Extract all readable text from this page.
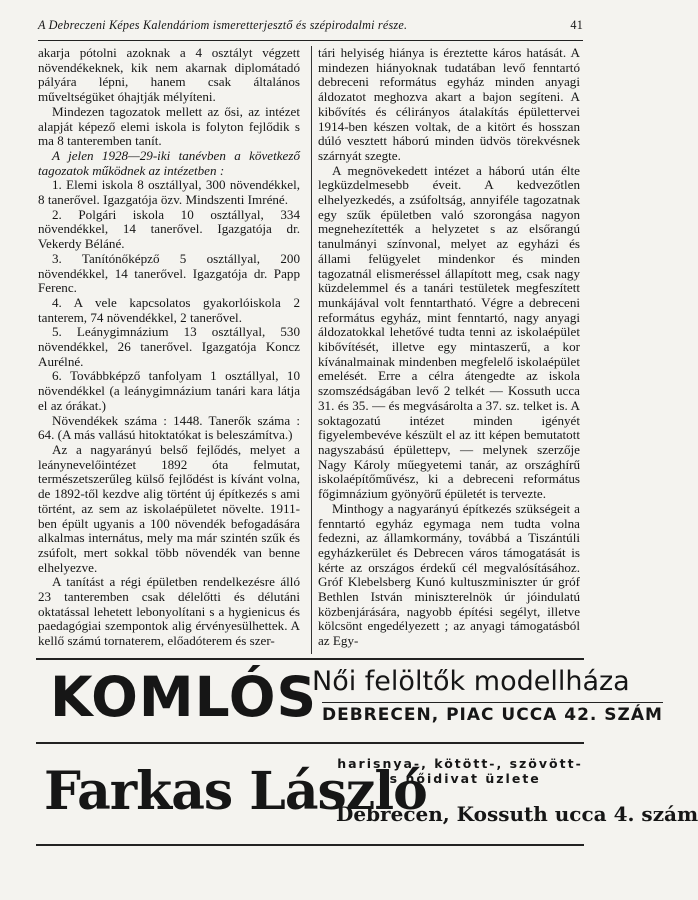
A Debreczeni Képes Kalendáriom ismeretterjesztő és szépirodalmi része.	41

akarja pótolni azoknak a 4 osztályt végzett növendékeknek, kik nem akarnak diplomátadó pályára lépni, hanem csak általános műveltségüket óhajtják mélyíteni.

Mindezen tagozatok mellett az ősi, az intézet alapját képező elemi iskola is folyton fejlődik s ma 8 tanteremben tanít.

A jelen 1928—29-iki tanévben a következő tagozatok működnek az intézetben :

1. Elemi iskola 8 osztállyal, 300 növendékkel, 8 tanerővel. Igazgatója özv. Mindszenti Imréné.

2. Polgári iskola 10 osztállyal, 334 növendékkel, 14 tanerővel. Igazgatója dr. Vekerdy Béláné.

3. Tanítónőképző 5 osztállyal, 200 növendékkel, 14 tanerővel. Igazgatója dr. Papp Ferenc.

4. A vele kapcsolatos gyakorlóiskola 2 tanterem, 74 növendékkel, 2 tanerővel.

5. Leánygimnázium 13 osztállyal, 530 növendékkel, 26 tanerővel. Igazgatója Koncz Aurélné.

6. Továbbképző tanfolyam 1 osztállyal, 10 növendékkel (a leánygimnázium tanári kara látja el az órákat.)

Növendékek száma : 1448. Tanerők száma : 64. (A más vallású hitoktatókat is beleszámítva.)

Az a nagyarányú belső fejlődés, melyet a leánynevelőintézet 1892 óta felmutat, természetszerűleg külső fejlődést is kívánt volna, de 1892-től kezdve alig történt új építkezés s ami történt, az sem az iskolaépületet növelte. 1911-ben épült ugyanis a 100 növendék befogadására alkalmas internátus, mely ma már szintén szűk és zsúfolt, mert sokkal több növendék van benne elhelyezve.

A tanítást a régi épületben rendelkezésre álló 23 tanteremben csak délelőtti és délutáni oktatással lehetett lebonyolítani s a hygienicus és paedagógiai szempontok alig érvényesülhettek. A kellő számú tornaterem, előadóterem és szer-

tári helyiség hiánya is éreztette káros hatását. A mindezen hiányoknak tudatában levő fenntartó debreceni református egyház minden anyagi áldozatot meghozva akart a bajon segíteni. A kibővítés és célirányos átalakítás épülettervei 1914-ben készen voltak, de a kitört és hosszan dúló vesztett háború minden üdvös törekvésnek szárnyát szegte.

A megnövekedett intézet a háború után élte legküzdelmesebb éveit. A kedvezőtlen elhelyezkedés, a zsúfoltság, annyiféle tagozatnak egy szűk épületben való szorongása nagyon megnehezítették a helyzetet s az elsőrangú tanulmányi színvonal, melyet az egyházi és állami felügyelet mindenkor és minden tagozatnál elismeréssel állapított meg, csak nagy küzdelemmel és a tanári testületek megfeszített munkájával volt fenntartható. Végre a debreceni református egyház, mint fenntartó, nagy anyagi áldozatokkal lehetővé tudta tenni az iskolaépület kibővítését, illetve egy mintaszerű, a kor kívánalmainak mindenben megfelelő iskolaépület emelését. Erre a célra átengedte az iskola szomszédságában levő 2 telkét — Kossuth ucca 31. és 35. — és megvásárolta a 37. sz. telket is. A soktagozatú intézet minden igényét figyelembevéve készült el az itt képen bemutatott nagyszabású épülettерv, — melynek szerzője Nagy Károly műegyetemi tanár, az országhírű iskolaépítőművész, ki a debreceni református főgimnázium gyönyörű épületét is tervezte.

Minthogy a nagyarányú építkezés szükségeit a fenntartó egyház egymaga nem tudta volna fedezni, az államkormány, továbbá a Tiszántúli egyházkerület és Debrecen város támogatását is kérte az országos érdekű cél megvalósításához. Gróf Klebelsberg Kunó kultuszminiszter úr gróf Bethlen István miniszterelnök úr jóindulatú közbenjárására, nagyobb építési segélyt, illetve kölcsönt engedélyezett ; az anyagi támogatásból az Egy-

KOMLÓS
Női felöltők modellháza
DEBRECEN, PIAC UCCA 42. SZÁM
Farkas László
harisnya-, kötött-, szövött- és nőidivat üzlete
Debrecen, Kossuth ucca 4. szám
